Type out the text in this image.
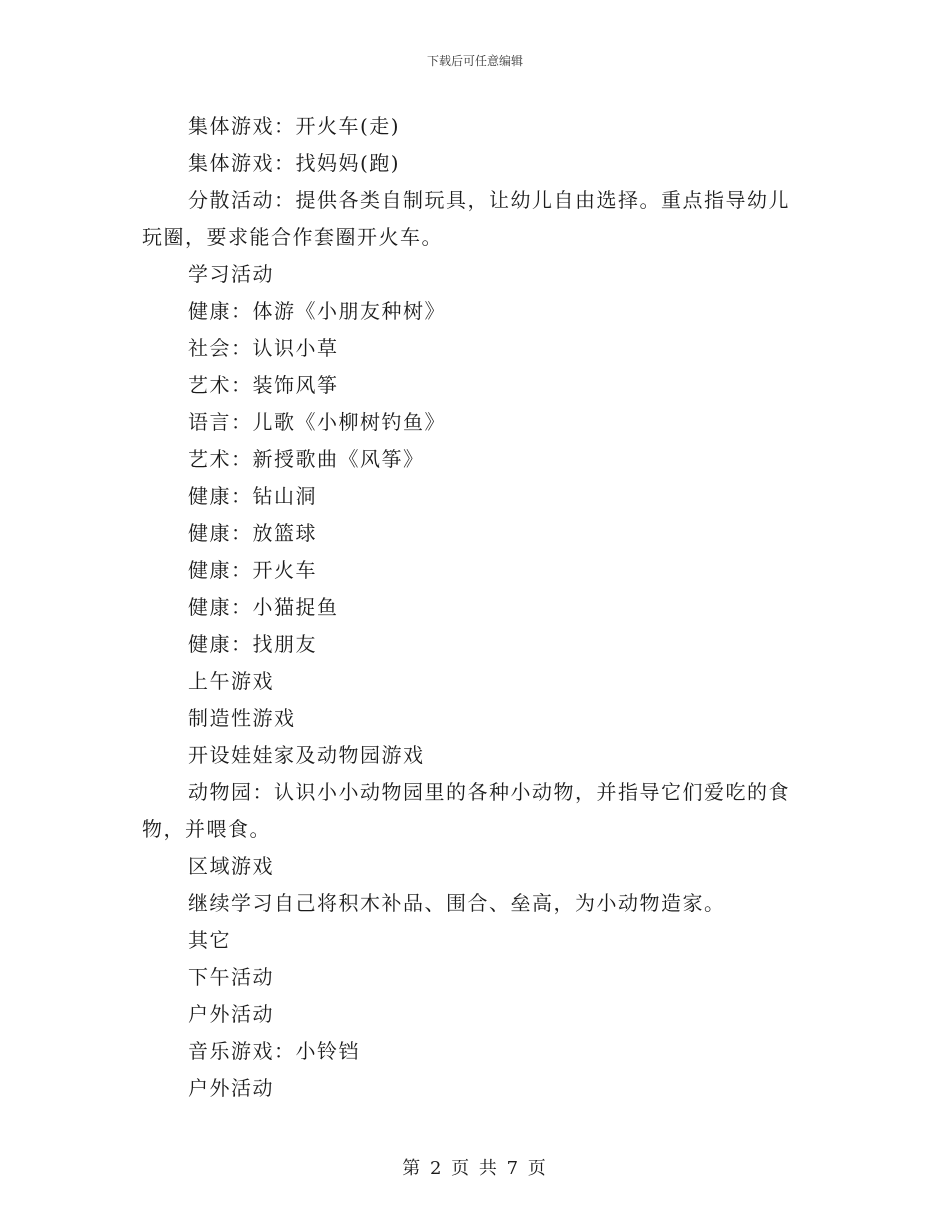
下载后可任意编辑

集体游戏：开火车(走)

集体游戏：找妈妈(跑)

分散活动：提供各类自制玩具，让幼儿自由选择。重点指导幼儿玩圈，要求能合作套圈开火车。

学习活动

健康：体游《小朋友种树》

社会：认识小草

艺术：装饰风筝

语言：儿歌《小柳树钓鱼》

艺术：新授歌曲《风筝》

健康：钻山洞

健康：放篮球

健康：开火车

健康：小猫捉鱼

健康：找朋友

上午游戏

制造性游戏

开设娃娃家及动物园游戏

动物园：认识小小动物园里的各种小动物，并指导它们爱吃的食物，并喂食。

区域游戏

继续学习自己将积木补品、围合、垒高，为小动物造家。

其它

下午活动

户外活动

音乐游戏：小铃铛

户外活动

第 2 页 共 7 页
